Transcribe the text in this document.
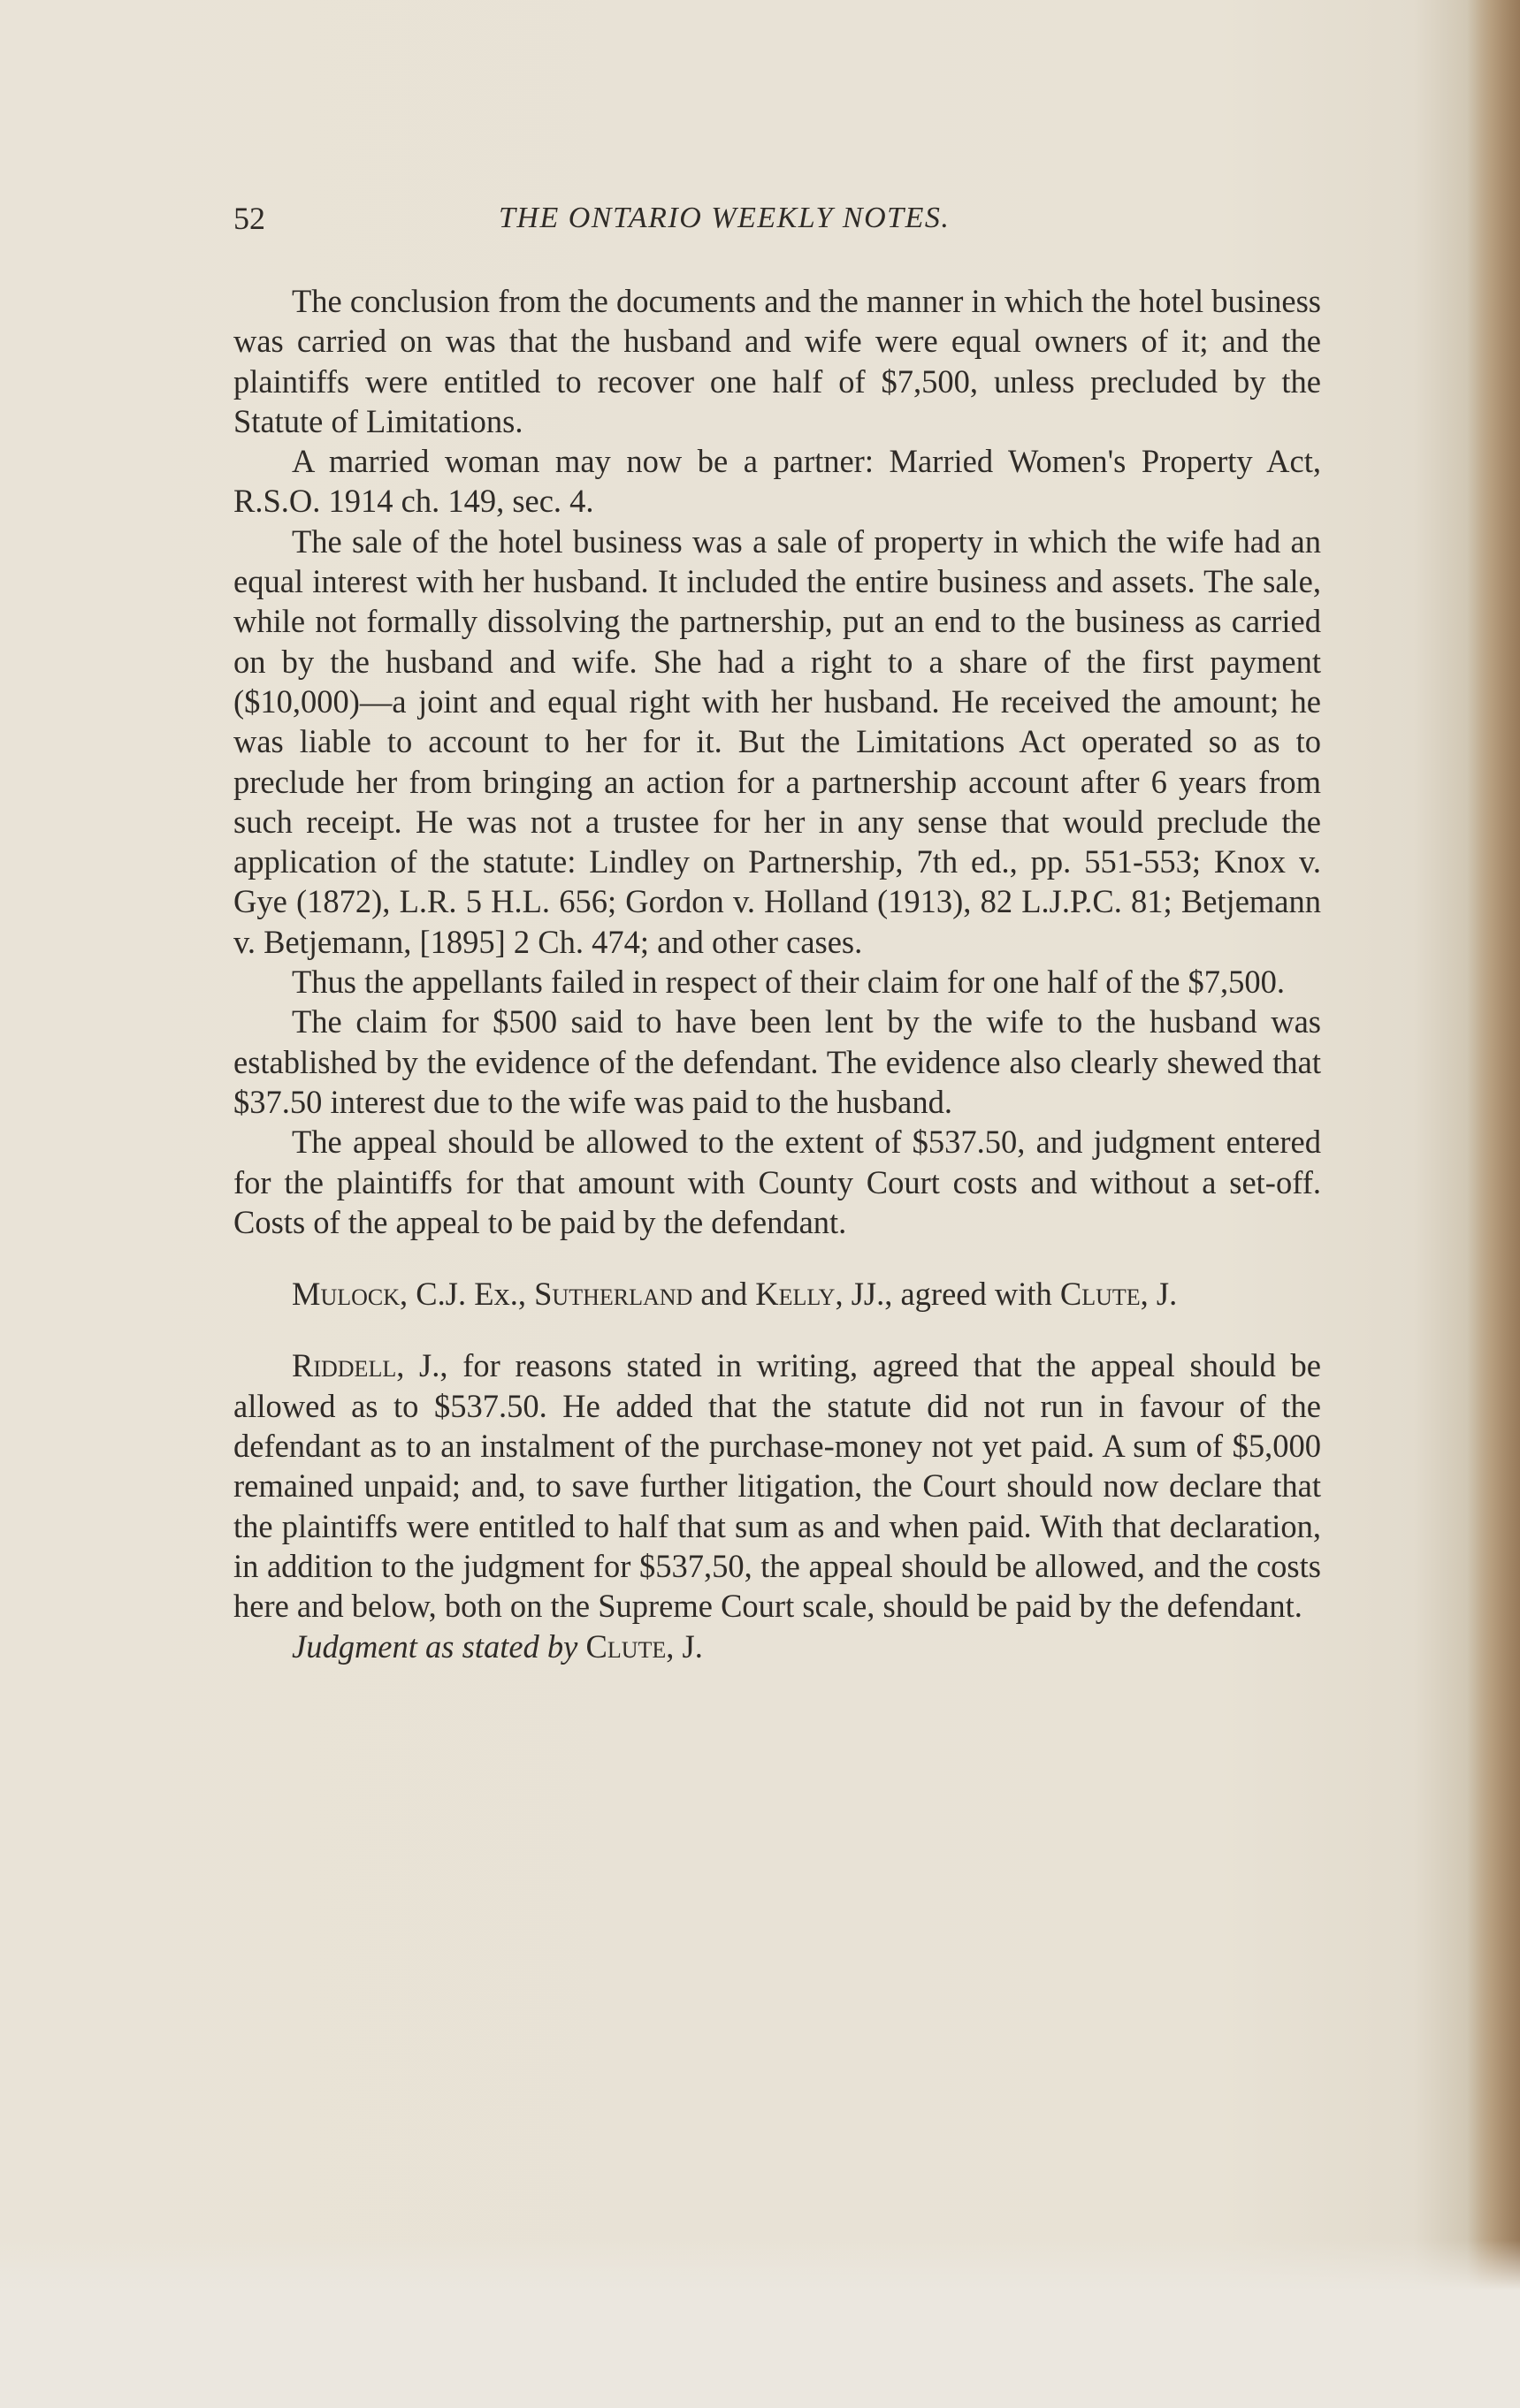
52	THE ONTARIO WEEKLY NOTES.

The conclusion from the documents and the manner in which the hotel business was carried on was that the husband and wife were equal owners of it; and the plaintiffs were entitled to recover one half of $7,500, unless precluded by the Statute of Limitations.

A married woman may now be a partner: Married Women's Property Act, R.S.O. 1914 ch. 149, sec. 4.

The sale of the hotel business was a sale of property in which the wife had an equal interest with her husband. It included the entire business and assets. The sale, while not formally dissolving the partnership, put an end to the business as carried on by the husband and wife. She had a right to a share of the first payment ($10,000)—a joint and equal right with her husband. He received the amount; he was liable to account to her for it. But the Limitations Act operated so as to preclude her from bringing an action for a partnership account after 6 years from such receipt. He was not a trustee for her in any sense that would preclude the application of the statute: Lindley on Partnership, 7th ed., pp. 551-553; Knox v. Gye (1872), L.R. 5 H.L. 656; Gordon v. Holland (1913), 82 L.J.P.C. 81; Betjemann v. Betjemann, [1895] 2 Ch. 474; and other cases.

Thus the appellants failed in respect of their claim for one half of the $7,500.

The claim for $500 said to have been lent by the wife to the husband was established by the evidence of the defendant. The evidence also clearly shewed that $37.50 interest due to the wife was paid to the husband.

The appeal should be allowed to the extent of $537.50, and judgment entered for the plaintiffs for that amount with County Court costs and without a set-off. Costs of the appeal to be paid by the defendant.

Mulock, C.J. Ex., Sutherland and Kelly, JJ., agreed with Clute, J.

Riddell, J., for reasons stated in writing, agreed that the appeal should be allowed as to $537.50. He added that the statute did not run in favour of the defendant as to an instalment of the purchase-money not yet paid. A sum of $5,000 remained unpaid; and, to save further litigation, the Court should now declare that the plaintiffs were entitled to half that sum as and when paid. With that declaration, in addition to the judgment for $537,50, the appeal should be allowed, and the costs here and below, both on the Supreme Court scale, should be paid by the defendant.

Judgment as stated by Clute, J.
